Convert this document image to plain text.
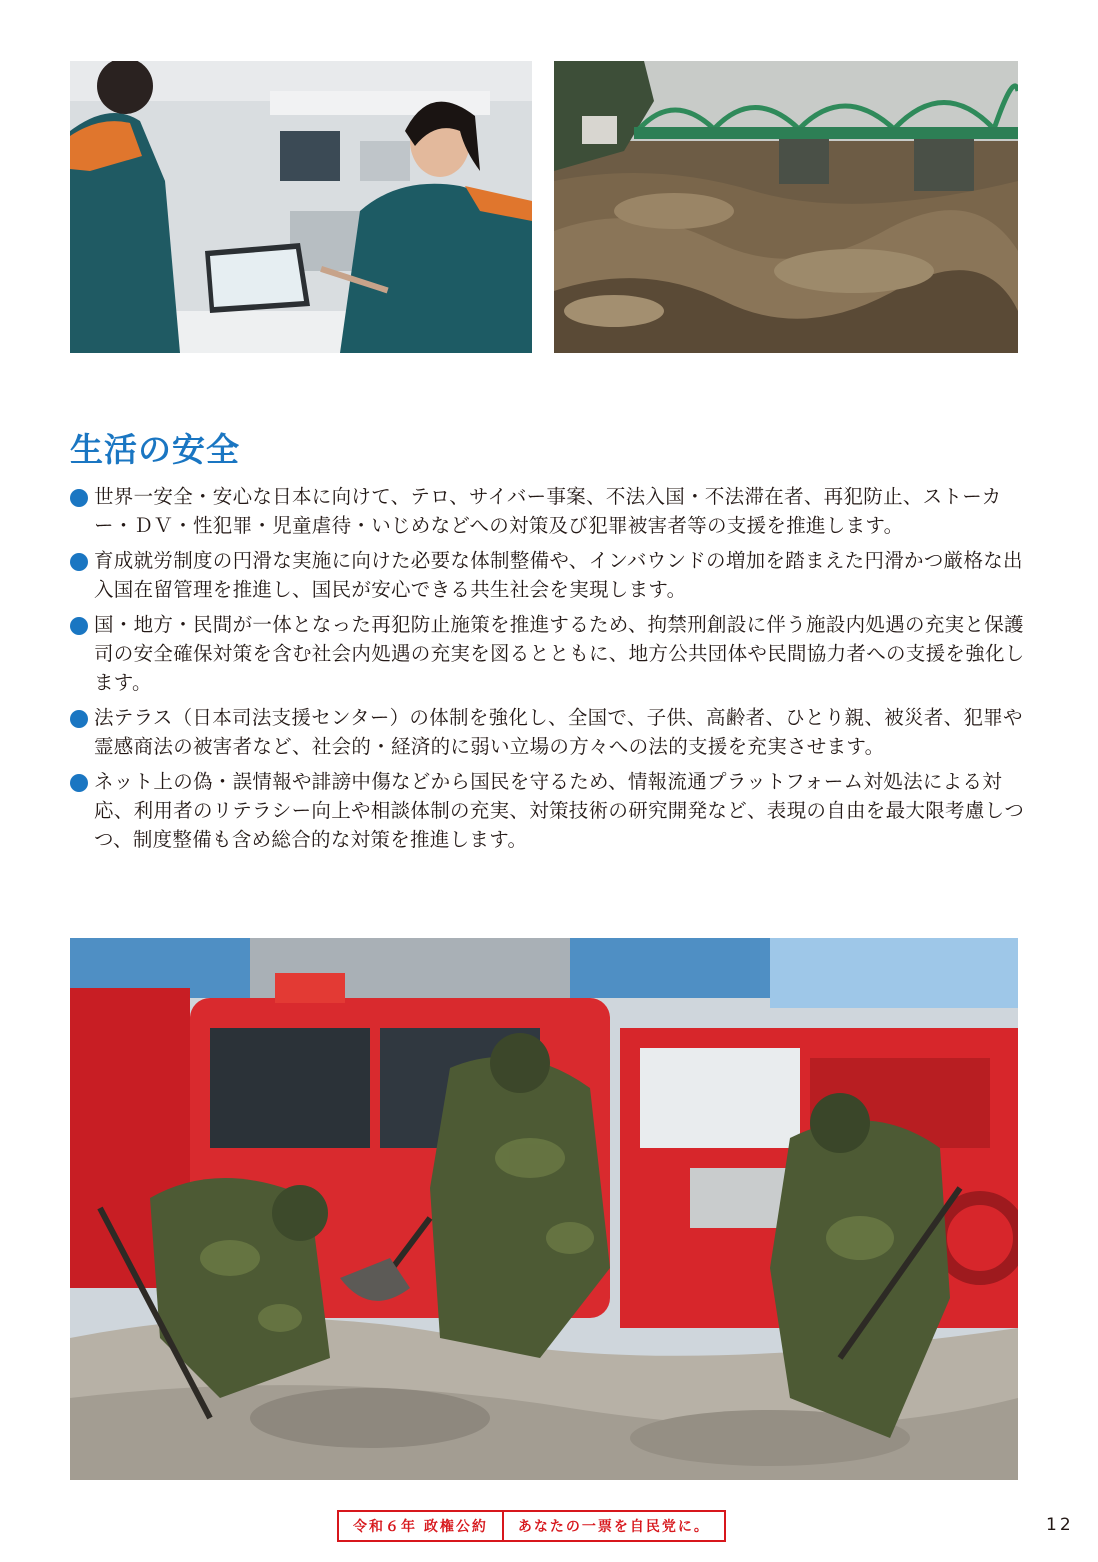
生活の安全
世界一安全・安心な日本に向けて、テロ、サイバー事案、不法入国・不法滞在者、再犯防止、ストーカー・ＤＶ・性犯罪・児童虐待・いじめなどへの対策及び犯罪被害者等の支援を推進します。
育成就労制度の円滑な実施に向けた必要な体制整備や、インバウンドの増加を踏まえた円滑かつ厳格な出入国在留管理を推進し、国民が安心できる共生社会を実現します。
国・地方・民間が一体となった再犯防止施策を推進するため、拘禁刑創設に伴う施設内処遇の充実と保護司の安全確保対策を含む社会内処遇の充実を図るとともに、地方公共団体や民間協力者への支援を強化します。
法テラス（日本司法支援センター）の体制を強化し、全国で、子供、高齢者、ひとり親、被災者、犯罪や霊感商法の被害者など、社会的・経済的に弱い立場の方々への法的支援を充実させます。
ネット上の偽・誤情報や誹謗中傷などから国民を守るため、情報流通プラットフォーム対処法による対応、利用者のリテラシー向上や相談体制の充実、対策技術の研究開発など、表現の自由を最大限考慮しつつ、制度整備も含め総合的な対策を推進します。
令和６年 政権公約	あなたの一票を自民党に。	12
